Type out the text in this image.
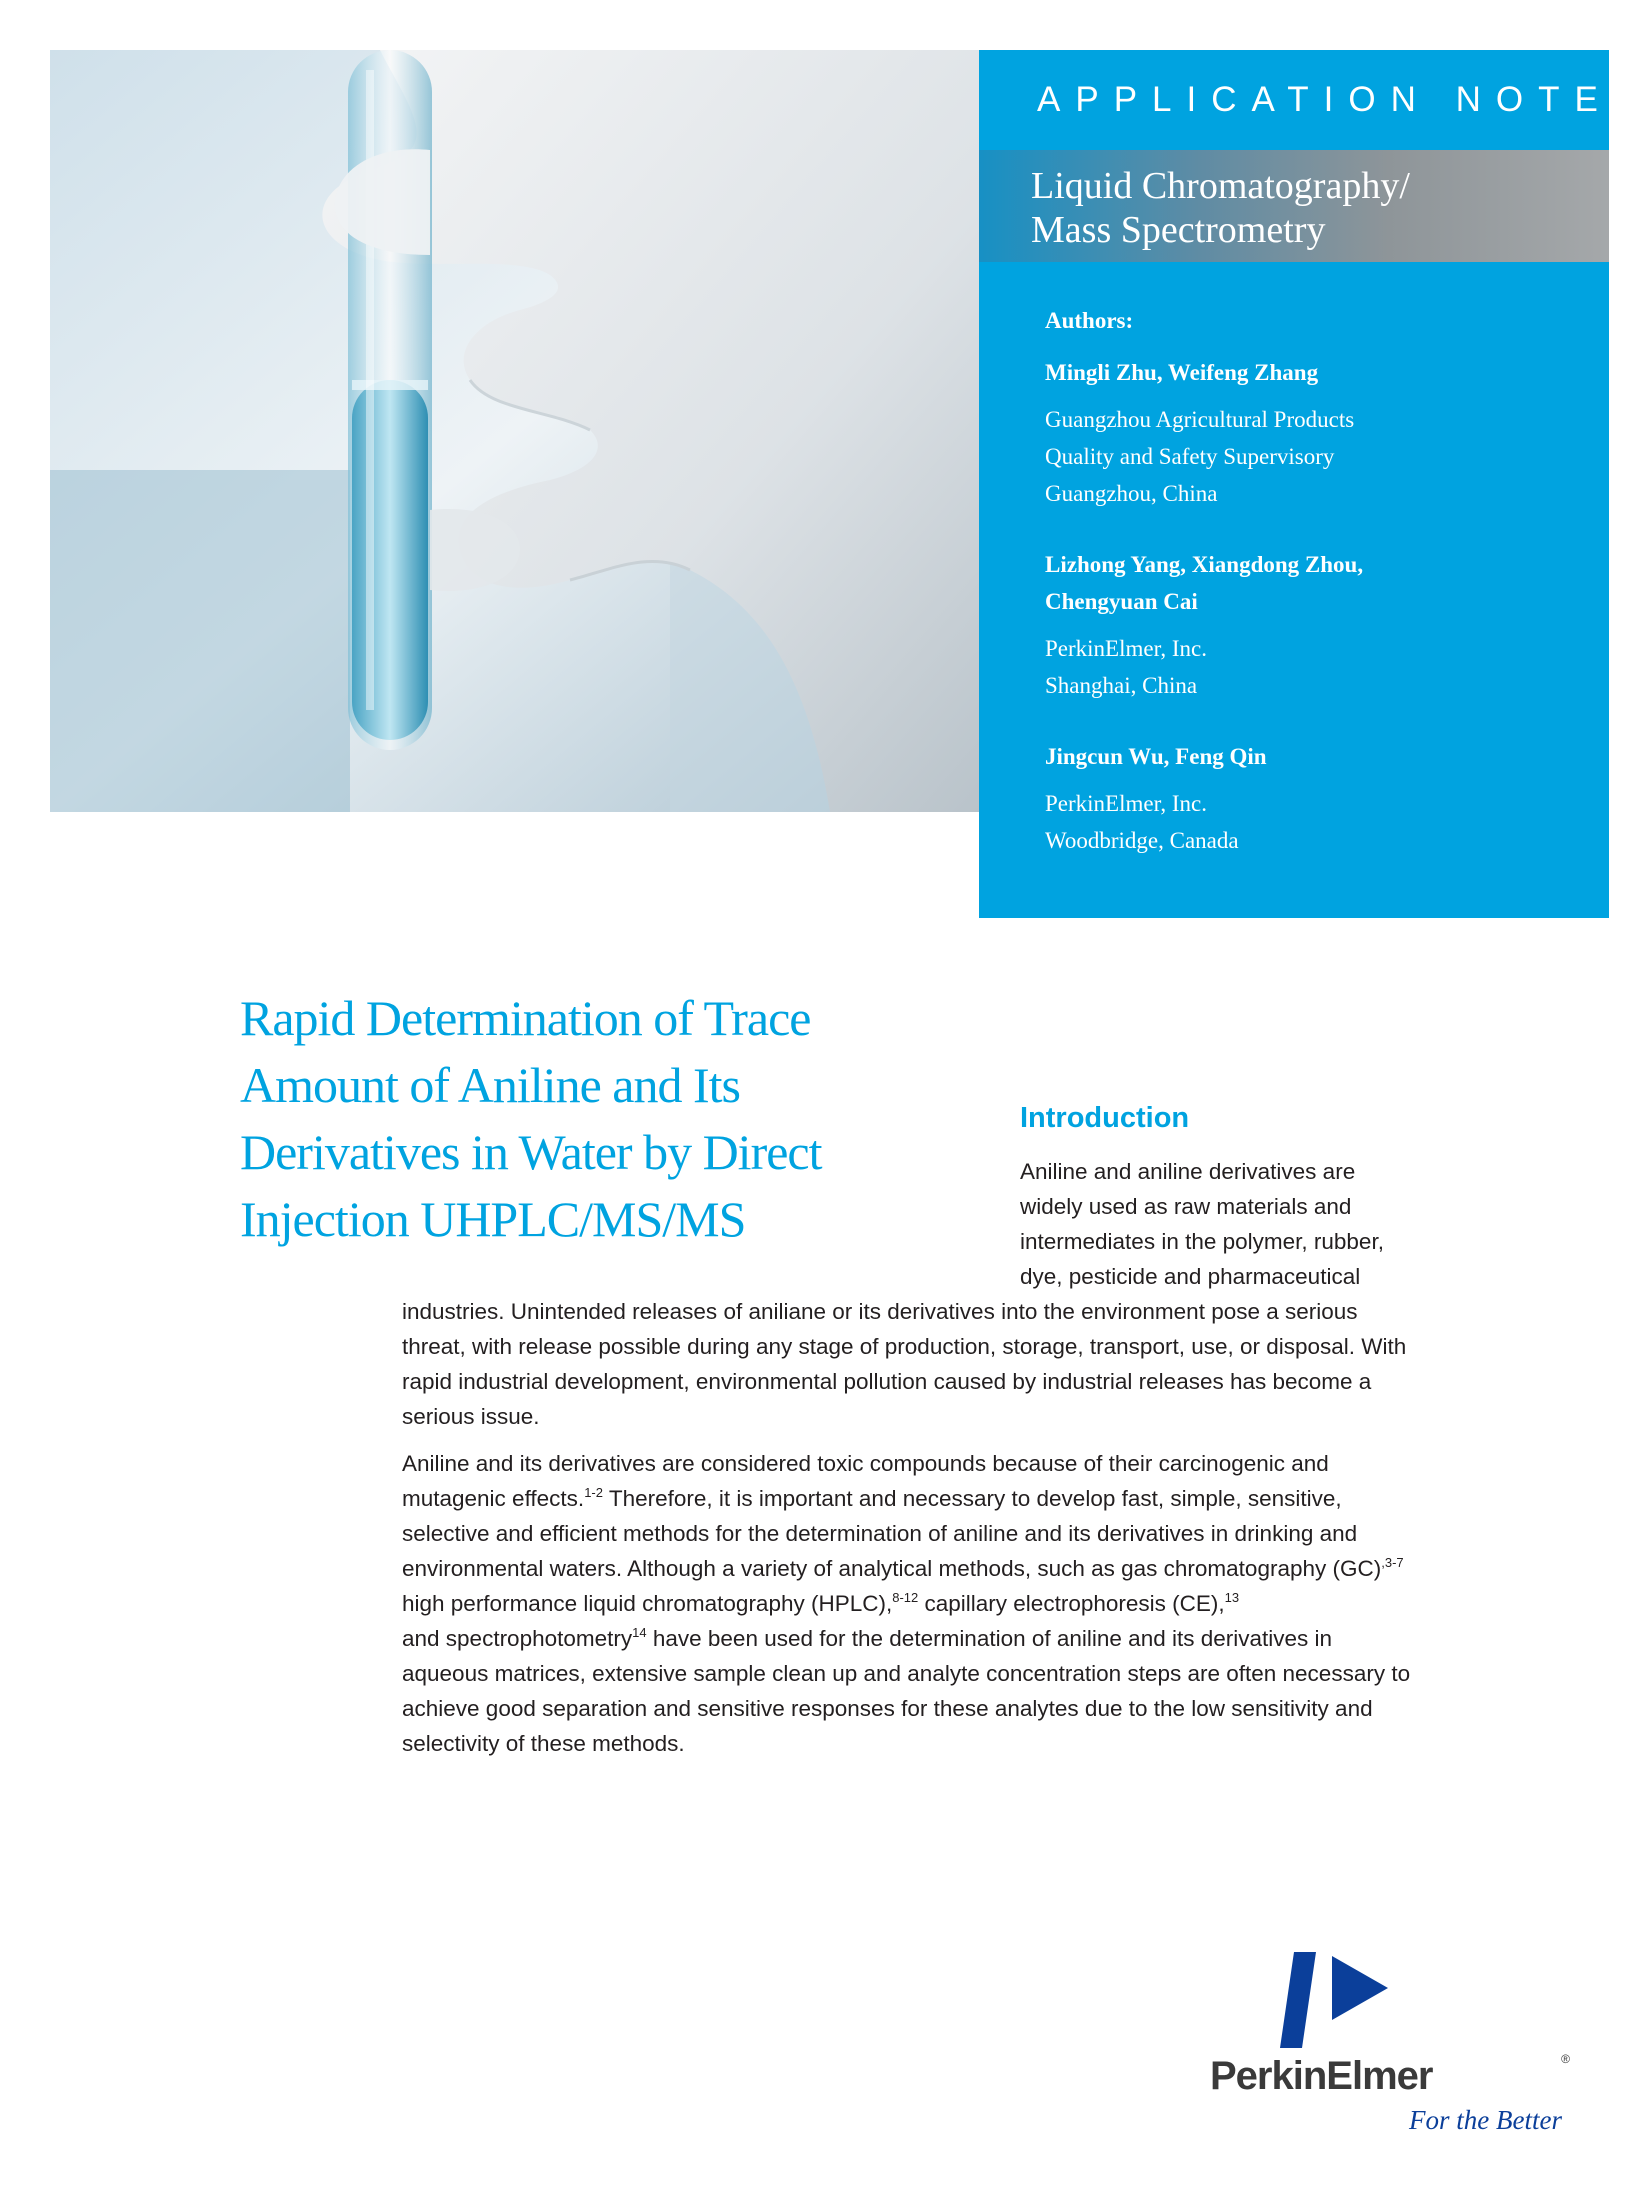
APPLICATION NOTE
Liquid Chromatography/
Mass Spectrometry

Authors:

Mingli Zhu, Weifeng Zhang

Guangzhou Agricultural Products
Quality and Safety Supervisory
Guangzhou, China

Lizhong Yang, Xiangdong Zhou,
Chengyuan Cai

PerkinElmer, Inc.
Shanghai, China

Jingcun Wu, Feng Qin

PerkinElmer, Inc.
Woodbridge, Canada

Rapid Determination of Trace
Amount of Aniline and Its
Derivatives in Water by Direct
Injection UHPLC/MS/MS
Introduction

Aniline and aniline derivatives are
widely used as raw materials and
intermediates in the polymer, rubber,
dye, pesticide and pharmaceutical

industries. Unintended releases of aniliane or its derivatives into the environment pose a serious threat, with release possible during any stage of production, storage, transport, use, or disposal. With rapid industrial development, environmental pollution caused by industrial releases has become a serious issue.

Aniline and its derivatives are considered toxic compounds because of their carcinogenic and mutagenic effects.$^{1-2}$ Therefore, it is important and necessary to develop fast, simple, sensitive, selective and efficient methods for the determination of aniline and its derivatives in drinking and environmental waters. Although a variety of analytical methods, such as gas chromatography (GC)$^{,3-7}$ high performance liquid chromatography (HPLC),$^{8-12}$ capillary electrophoresis (CE),$^{13}$
and spectrophotometry$^{14}$ have been used for the determination of aniline and its derivatives in aqueous matrices, extensive sample clean up and analyte concentration steps are often necessary to achieve good separation and sensitive responses for these analytes due to the low sensitivity and selectivity of these methods.

PerkinElmer	®
For the Better
